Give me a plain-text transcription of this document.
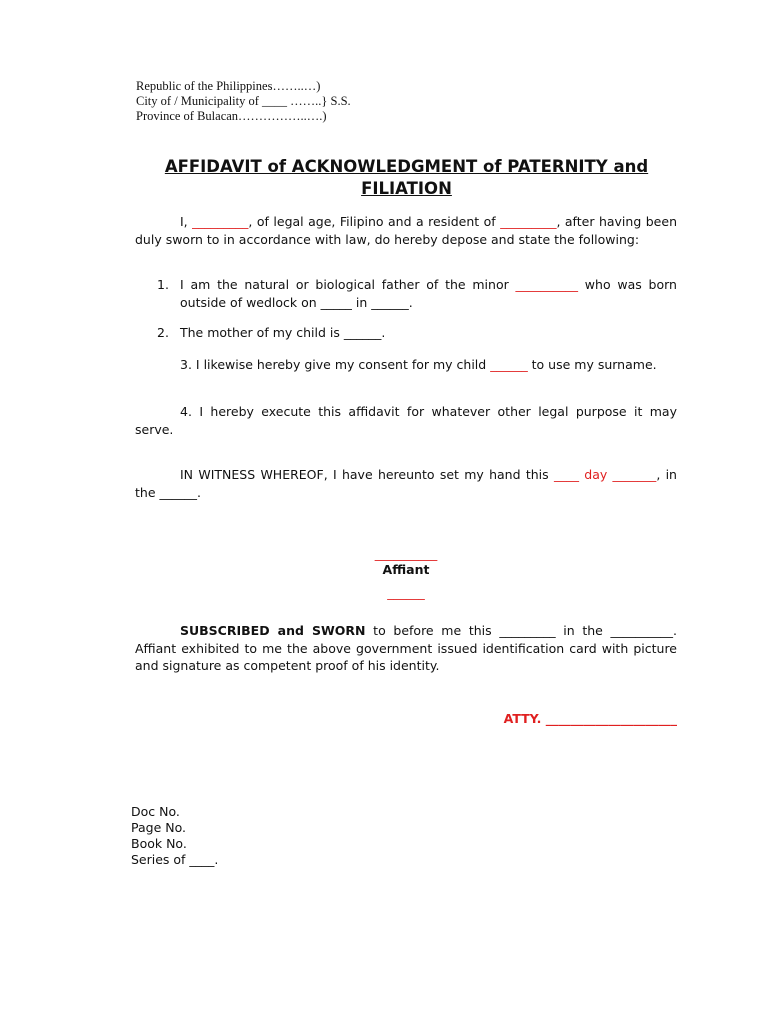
Republic of the Philippines……..…)
City of / Municipality of ____ ……..} S.S.
Province of Bulacan……………..….)
AFFIDAVIT of ACKNOWLEDGMENT of PATERNITY and FILIATION
I, _________, of legal age, Filipino and a resident of _________, after having been duly sworn to in accordance with law, do hereby depose and state the following:
1. I am the natural or biological father of the minor __________ who was born outside of wedlock on _____ in ______.
2. The mother of my child is ______.
3. I likewise hereby give my consent for my child ______ to use my surname.
4. I hereby execute this affidavit for whatever other legal purpose it may serve.
IN WITNESS WHEREOF, I have hereunto set my hand this ____ day _______, in the ______.
__________
Affiant
______
SUBSCRIBED and SWORN to before me this _________ in the __________. Affiant exhibited to me the above government issued identification card with picture and signature as competent proof of his identity.
ATTY. _____________________
Doc No.
Page No.
Book No.
Series of ____.
